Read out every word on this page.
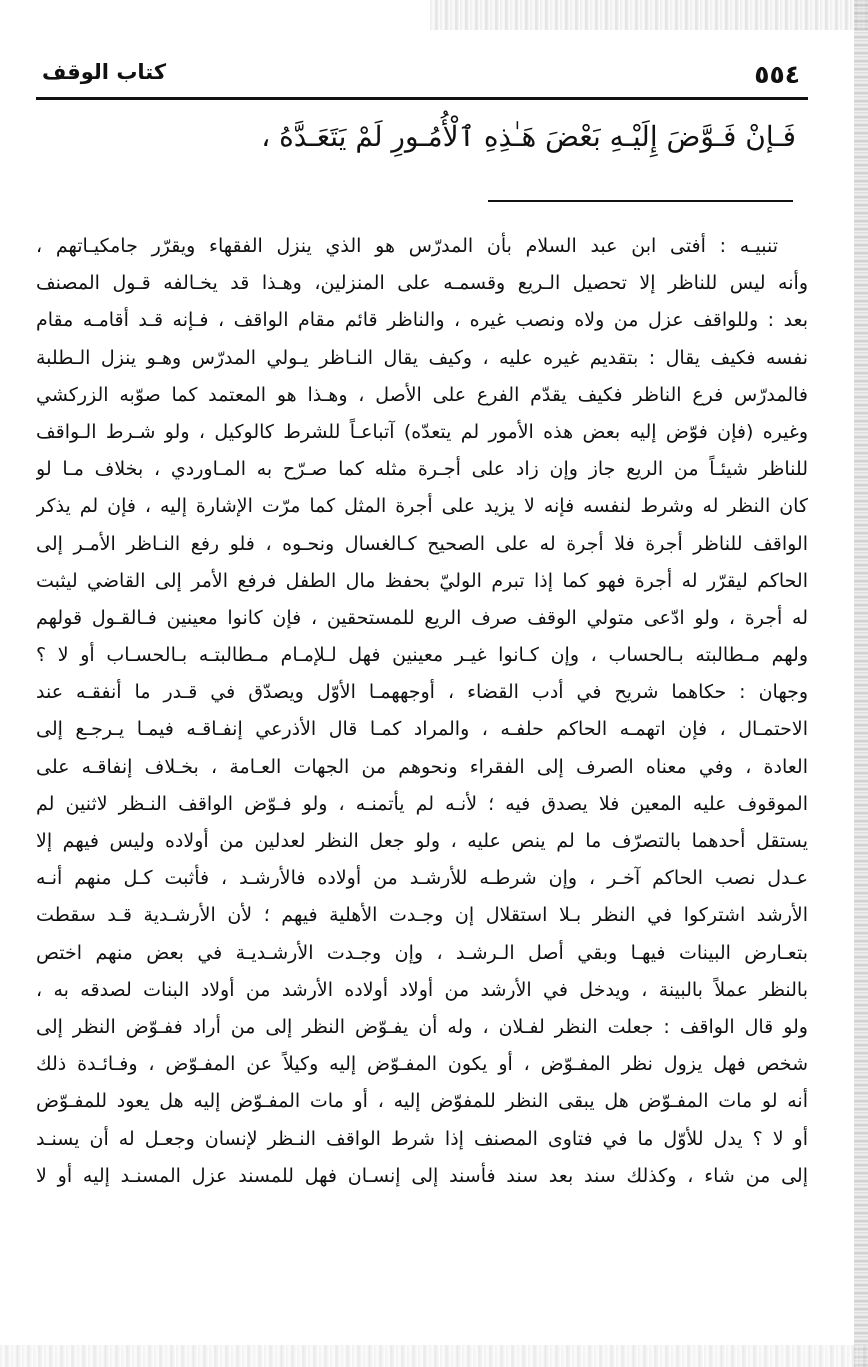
٥٥٤
كتاب الوقف
فَـإنْ فَـوَّضَ إِلَيْـهِ بَعْضَ هَـٰذِهِ ٱلْأُمُـورِ لَمْ يَتَعَـدَّهُ ،
تنبيـه : أفتى ابن عبد السلام بأن المدرّس هو الذي ينزل الفقهاء ويقرّر جامكيـاتهم ،
وأنه ليس للناظر إلا تحصيل الـريع وقسمـه على المنزلين، وهـذا قد يخـالفه قـول المصنف
بعد : وللواقف عزل من ولاه ونصب غيره ، والناظر قائم مقام الواقف ، فـإنه قـد أقامـه مقام
نفسه فكيف يقال : بتقديم غيره عليه ، وكيف يقال النـاظر يـولي المدرّس وهـو ينزل الـطلبة
فالمدرّس فرع الناظر فكيف يقدّم الفرع على الأصل ، وهـذا هو المعتمد كما صوّبه الزركشي
وغيره (فإن فوّض إليه بعض هذه الأمور لم يتعدّه) آتباعـاً للشرط كالوكيل ، ولو شـرط الـواقف
للناظر شيئـاً من الريع جاز وإن زاد على أجـرة مثله كما صـرّح به المـاوردي ، بخلاف مـا لو
كان النظر له وشرط لنفسه فإنه لا يزيد على أجرة المثل كما مرّت الإشارة إليه ، فإن لم يذكر
الواقف للناظر أجرة فلا أجرة له على الصحيح كـالغسال ونحـوه ، فلو رفع النـاظر الأمـر إلى
الحاكم ليقرّر له أجرة فهو كما إذا تبرم الوليّ بحفظ مال الطفل فرفع الأمر إلى القاضي ليثبت
له أجرة ، ولو ادّعى متولي الوقف صرف الريع للمستحقين ، فإن كانوا معينين فـالقـول قولهم
ولهم مـطالبته بـالحساب ، وإن كـانوا غيـر معينين فهل لـلإمـام مـطالبتـه بـالحسـاب أو لا ؟
وجهان : حكاهما شريح في أدب القضاء ، أوجههمـا الأوّل ويصدّق في قـدر ما أنفقـه عند
الاحتمـال ، فإن اتهمـه الحاكم حلفـه ، والمراد كمـا قال الأذرعي إنفـاقـه فيمـا يـرجـع إلى
العادة ، وفي معناه الصرف إلى الفقراء ونحوهم من الجهات العـامة ، بخـلاف إنفاقـه على
الموقوف عليه المعين فلا يصدق فيه ؛ لأنـه لم يأتمنـه ، ولو فـوّض الواقف النـظر لاثنين لم
يستقل أحدهما بالتصرّف ما لم ينص عليه ، ولو جعل النظر لعدلين من أولاده وليس فيهم إلا
عـدل نصب الحاكم آخـر ، وإن شرطـه للأرشـد من أولاده فالأرشـد ، فأثبت كـل منهم أنـه
الأرشد اشتركوا في النظر بـلا استقلال إن وجـدت الأهلية فيهم ؛ لأن الأرشـدية قـد سقطت
بتعـارض البينات فيهـا وبقي أصل الـرشـد ، وإن وجـدت الأرشـديـة في بعض منهم اختص
بالنظر عملاً بالبينة ، ويدخل في الأرشد من أولاد أولاده الأرشد من أولاد البنات لصدقه به ،
ولو قال الواقف : جعلت النظر لفـلان ، وله أن يفـوّض النظر إلى من أراد ففـوّض النظر إلى
شخص فهل يزول نظر المفـوّض ، أو يكون المفـوّض إليه وكيلاً عن المفـوّض ، وفـائـدة ذلك
أنه لو مات المفـوّض هل يبقى النظر للمفوّض إليه ، أو مات المفـوّض إليه هل يعود للمفـوّض
أو لا ؟ يدل للأوّل ما في فتاوى المصنف إذا شرط الواقف النـظر لإنسان وجعـل له أن يسنـد
إلى من شاء ، وكذلك سند بعد سند فأسند إلى إنسـان فهل للمسند عزل المسنـد إليه أو لا
